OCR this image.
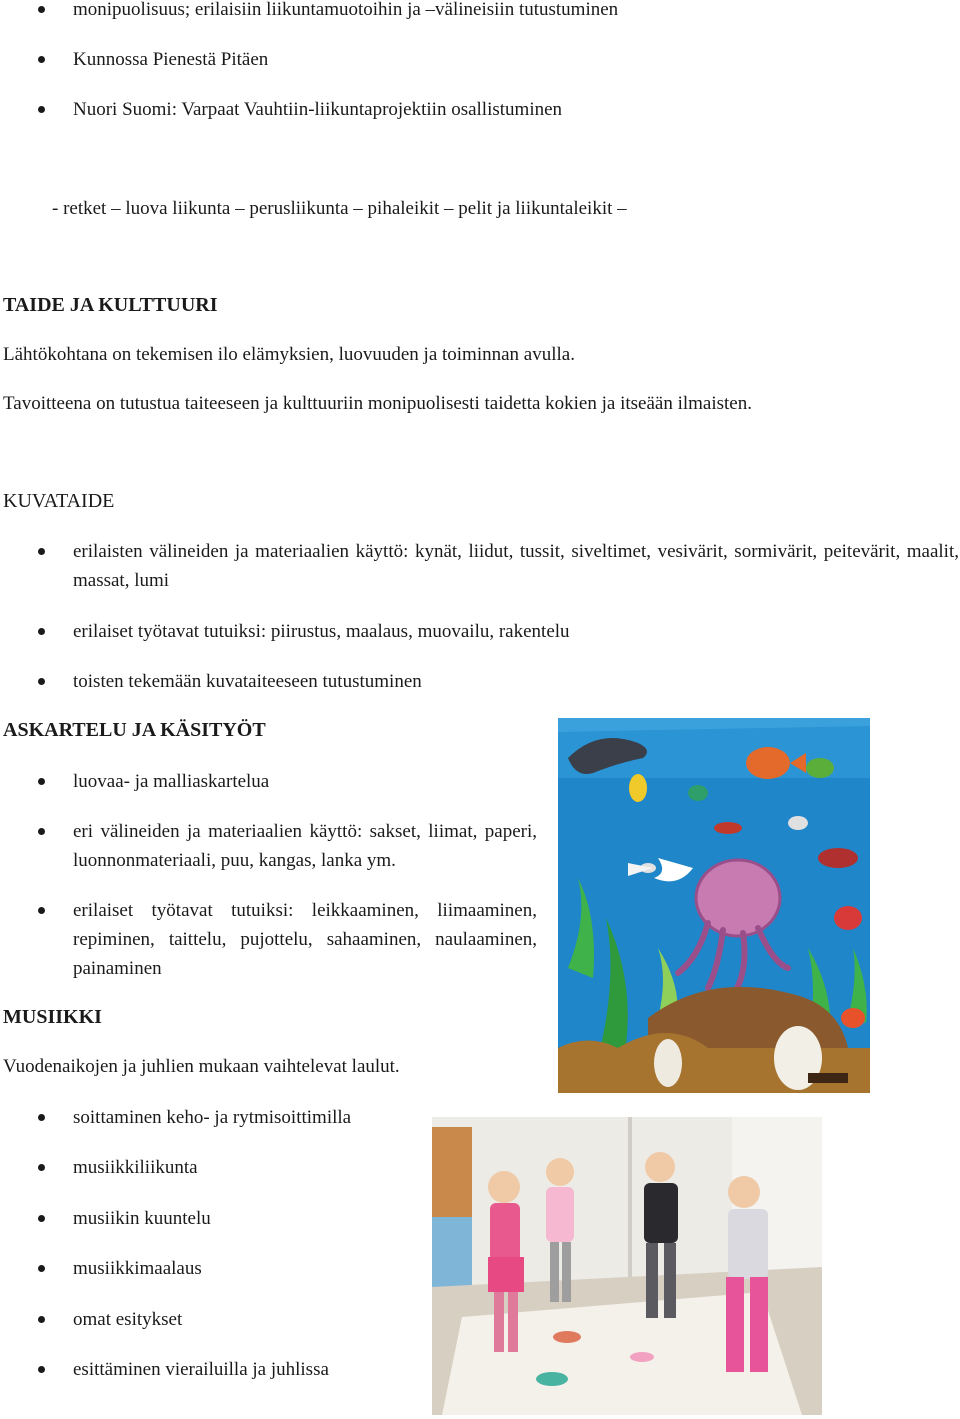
monipuolisuus; erilaisiin liikuntamuotoihin ja –välineisiin tutustuminen
Kunnossa Pienestä Pitäen
Nuori Suomi: Varpaat Vauhtiin-liikuntaprojektiin osallistuminen
- retket – luova liikunta – perusliikunta – pihaleikit – pelit ja liikuntaleikit –
TAIDE JA KULTTUURI
Lähtökohtana on tekemisen ilo elämyksien, luovuuden ja toiminnan avulla.
Tavoitteena on tutustua taiteeseen ja kulttuuriin monipuolisesti taidetta kokien ja itseään ilmaisten.
KUVATAIDE
erilaisten välineiden ja materiaalien käyttö: kynät, liidut, tussit, siveltimet, vesivärit, sormivärit, peitevärit, maalit, massat, lumi
erilaiset työtavat tutuiksi: piirustus, maalaus, muovailu, rakentelu
toisten tekemään kuvataiteeseen tutustuminen
ASKARTELU JA KÄSITYÖT
luovaa- ja malliaskartelua
eri välineiden ja materiaalien käyttö: sakset, liimat, paperi, luonnonmateriaali, puu, kangas, lanka ym.
erilaiset työtavat tutuiksi: leikkaaminen, liimaaminen, repiminen, taittelu, pujottelu, sahaaminen, naulaaminen, painaminen
MUSIIKKI
Vuodenaikojen ja juhlien mukaan vaihtelevat laulut.
soittaminen keho- ja rytmisoittimilla
musiikkiliikunta
musiikin kuuntelu
musiikkimaalaus
omat esitykset
esittäminen vierailuilla ja juhlissa
